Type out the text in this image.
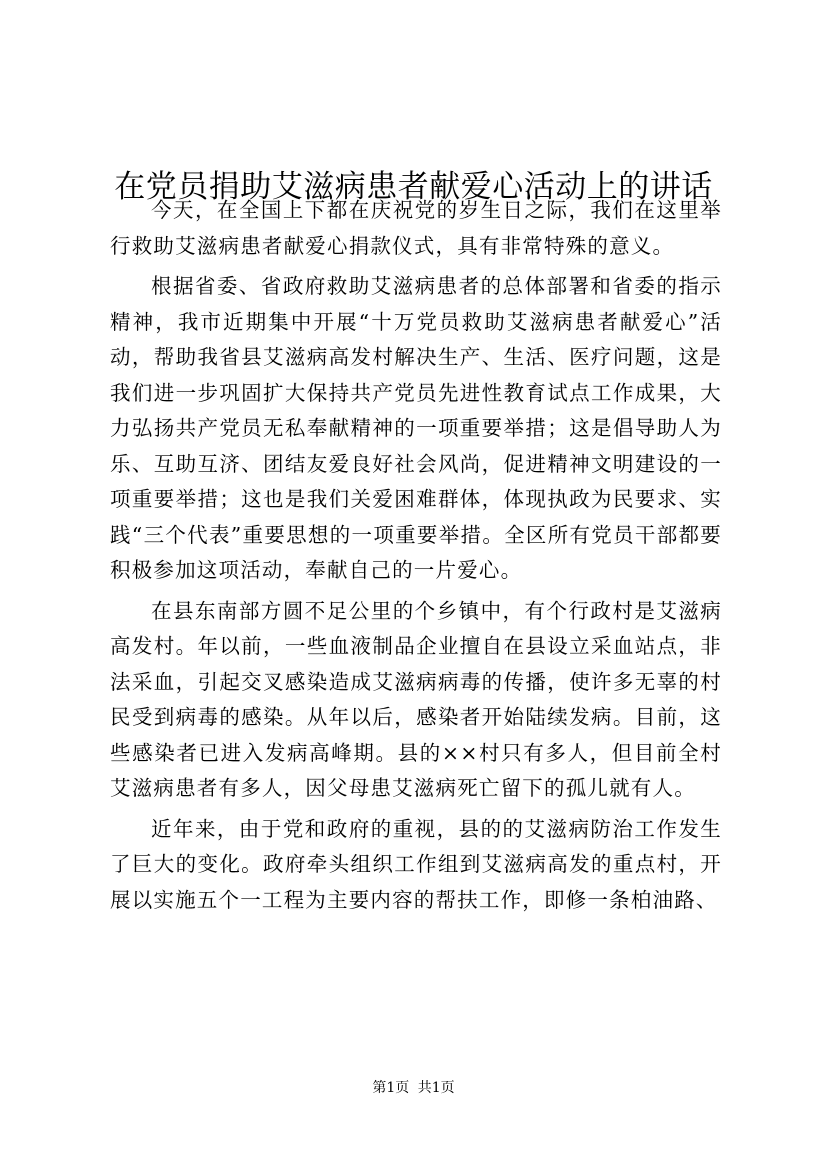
在党员捐助艾滋病患者献爱心活动上的讲话

今天，在全国上下都在庆祝党的岁生日之际，我们在这里举行救助艾滋病患者献爱心捐款仪式，具有非常特殊的意义。

根据省委、省政府救助艾滋病患者的总体部署和省委的指示精神，我市近期集中开展“十万党员救助艾滋病患者献爱心”活动，帮助我省县艾滋病高发村解决生产、生活、医疗问题，这是我们进一步巩固扩大保持共产党员先进性教育试点工作成果，大力弘扬共产党员无私奉献精神的一项重要举措；这是倡导助人为乐、互助互济、团结友爱良好社会风尚，促进精神文明建设的一项重要举措；这也是我们关爱困难群体，体现执政为民要求、实践“三个代表”重要思想的一项重要举措。全区所有党员干部都要积极参加这项活动，奉献自己的一片爱心。

在县东南部方圆不足公里的个乡镇中，有个行政村是艾滋病高发村。年以前，一些血液制品企业擅自在县设立采血站点，非法采血，引起交叉感染造成艾滋病病毒的传播，使许多无辜的村民受到病毒的感染。从年以后，感染者开始陆续发病。目前，这些感染者已进入发病高峰期。县的××村只有多人，但目前全村艾滋病患者有多人，因父母患艾滋病死亡留下的孤儿就有人。

近年来，由于党和政府的重视，县的的艾滋病防治工作发生了巨大的变化。政府牵头组织工作组到艾滋病高发的重点村，开展以实施五个一工程为主要内容的帮扶工作，即修一条柏油路、

第1页 共1页
